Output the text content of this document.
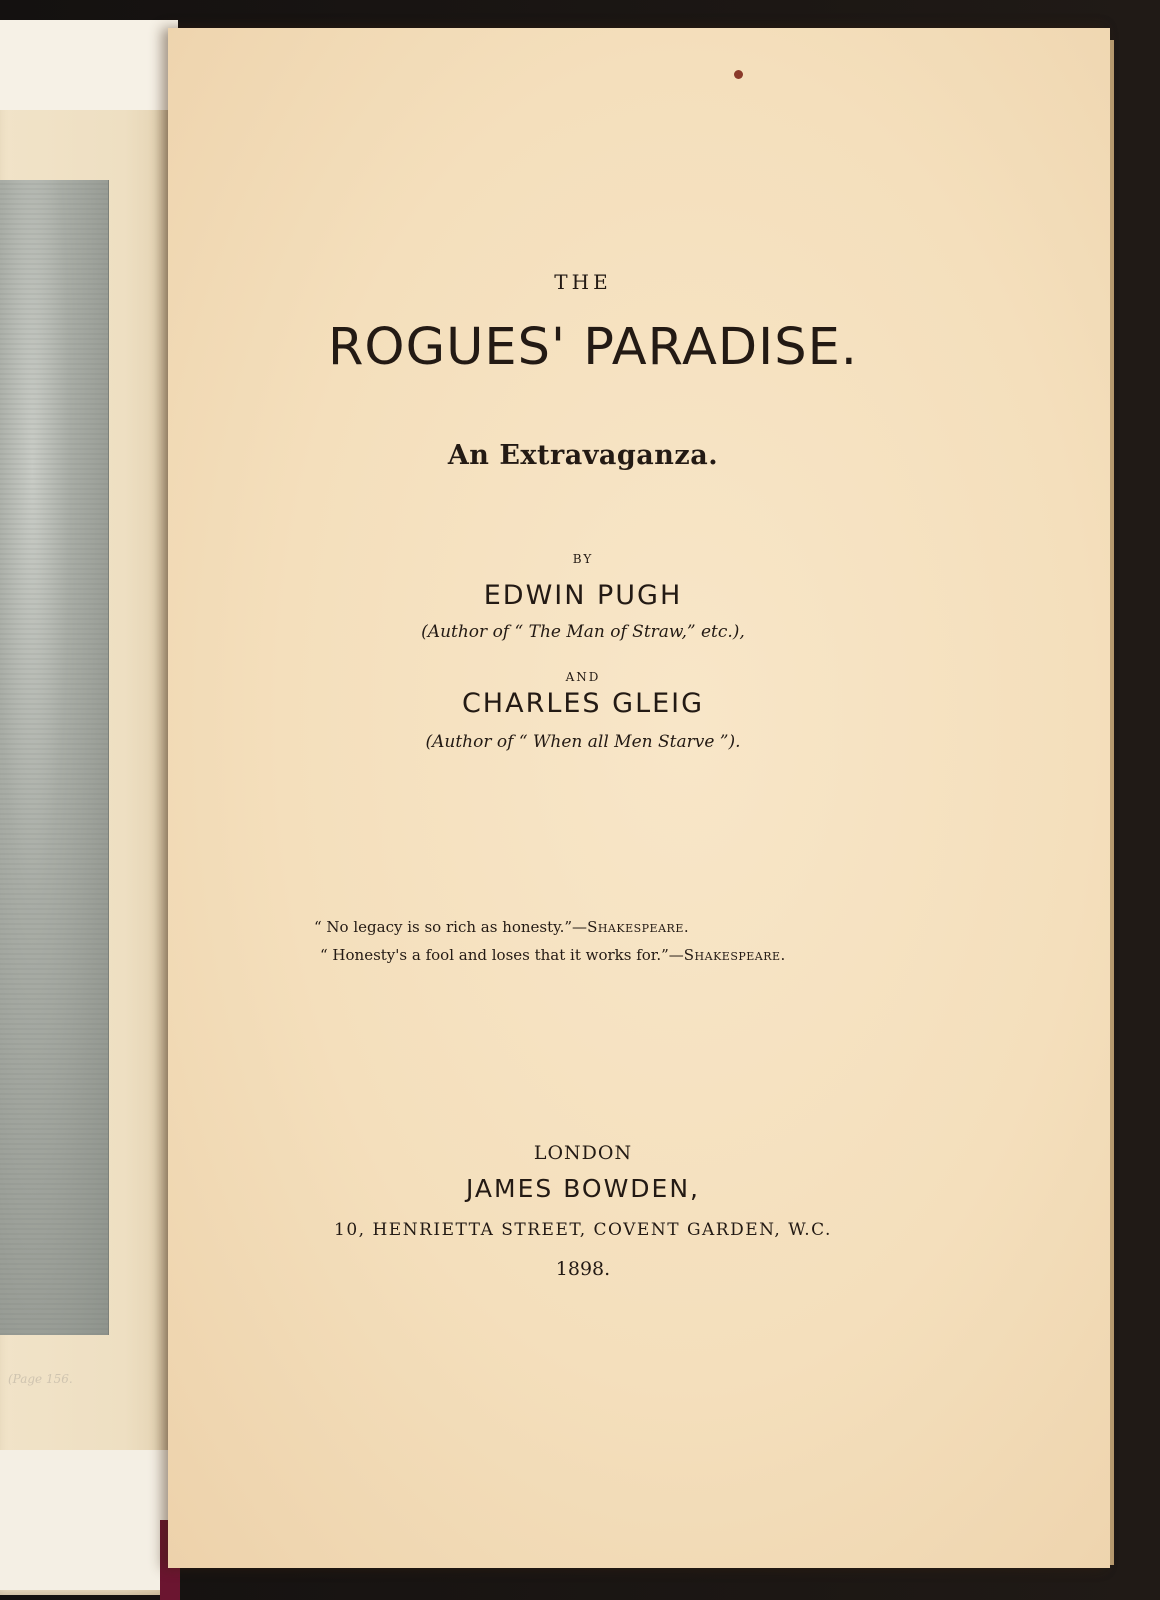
(Page 156.
THE
ROGUES' PARADISE.
An Extravaganza.
BY
EDWIN PUGH
(Author of “ The Man of Straw,” etc.),
AND
CHARLES GLEIG
(Author of “ When all Men Starve ”).
“ No legacy is so rich as honesty.”—Shakespeare.
“ Honesty's a fool and loses that it works for.”—Shakespeare.
LONDON
JAMES BOWDEN,
10, HENRIETTA STREET, COVENT GARDEN, W.C.
1898.
